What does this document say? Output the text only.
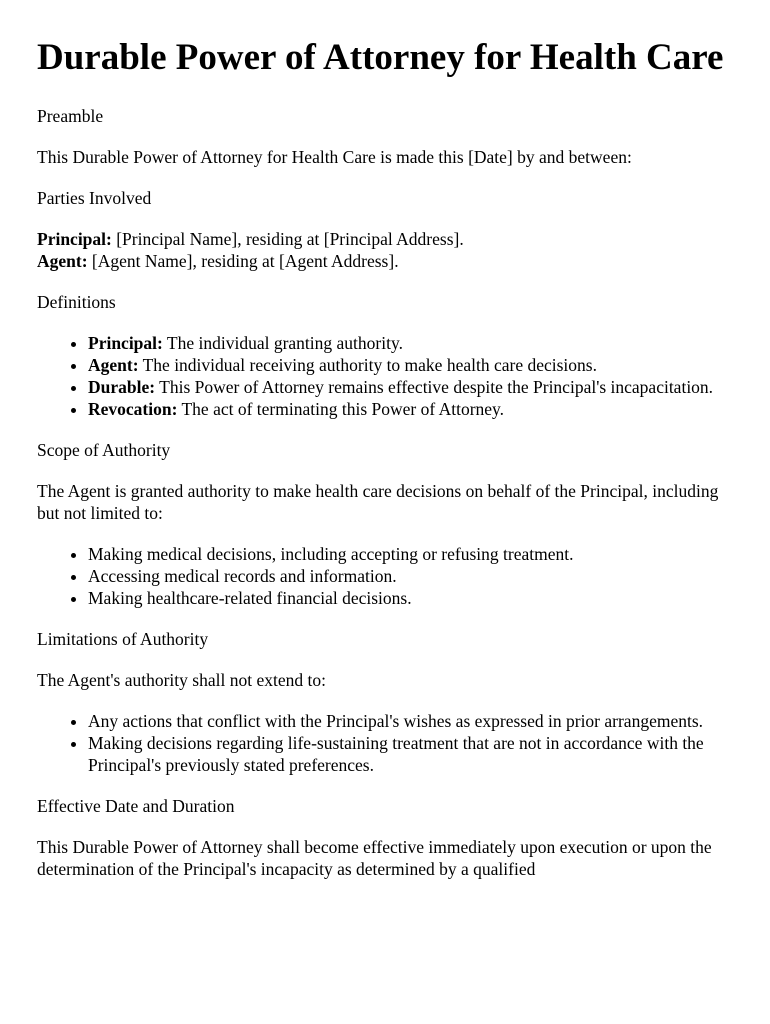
Durable Power of Attorney for Health Care

Preamble

This Durable Power of Attorney for Health Care is made this [Date] by and between:

Parties Involved

Principal: [Principal Name], residing at [Principal Address].
Agent: [Agent Name], residing at [Agent Address].

Definitions

• Principal: The individual granting authority.
• Agent: The individual receiving authority to make health care decisions.
• Durable: This Power of Attorney remains effective despite the Principal's incapacitation.
• Revocation: The act of terminating this Power of Attorney.

Scope of Authority

The Agent is granted authority to make health care decisions on behalf of the Principal, including but not limited to:

• Making medical decisions, including accepting or refusing treatment.
• Accessing medical records and information.
• Making healthcare-related financial decisions.

Limitations of Authority

The Agent's authority shall not extend to:

• Any actions that conflict with the Principal's wishes as expressed in prior arrangements.
• Making decisions regarding life-sustaining treatment that are not in accordance with the Principal's previously stated preferences.

Effective Date and Duration

This Durable Power of Attorney shall become effective immediately upon execution or upon the determination of the Principal's incapacity as determined by a qualified
